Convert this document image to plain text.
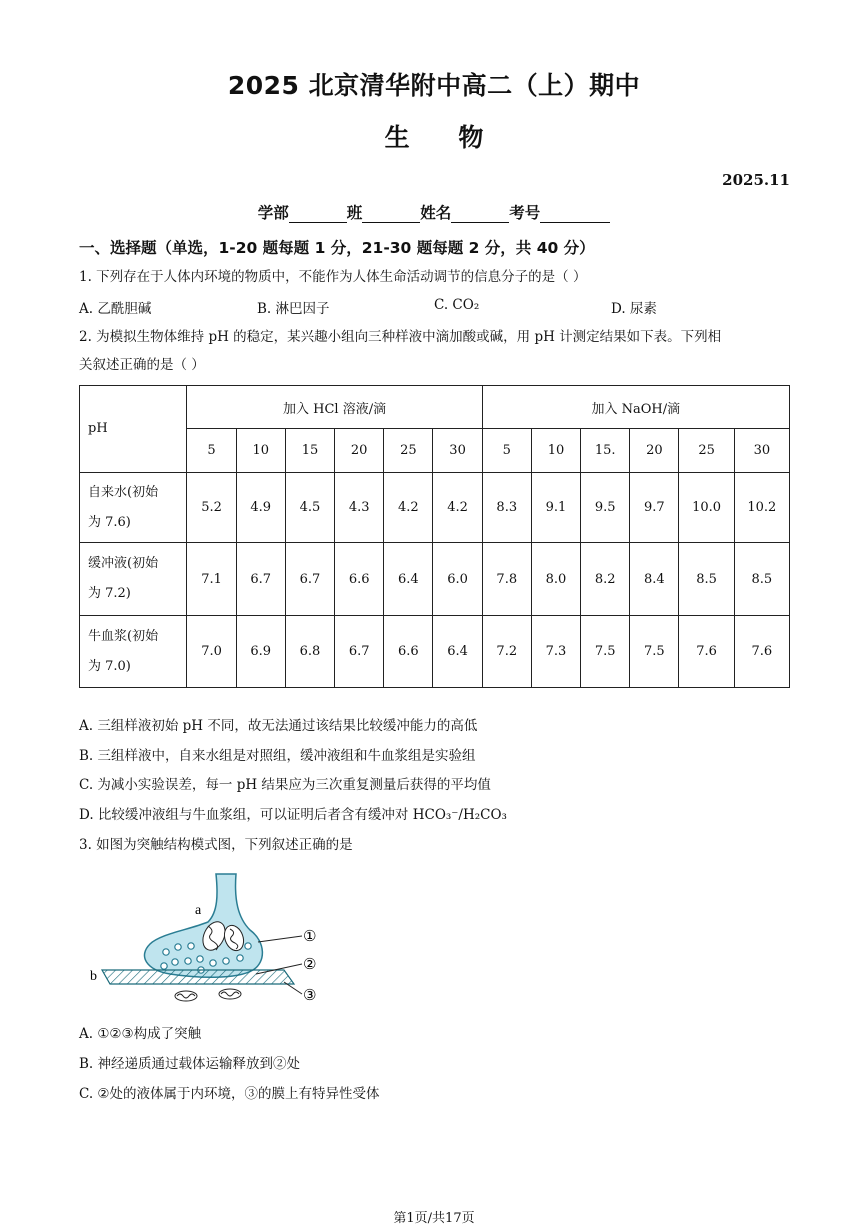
2025 北京清华附中高二（上）期中
生 物
2025.11
学部	班	姓名	考号
一、选择题（单选，1-20 题每题 1 分，21-30 题每题 2 分，共 40 分）
1. 下列存在于人体内环境的物质中，不能作为人体生命活动调节的信息分子的是（ ）
A. 乙酰胆碱	B. 淋巴因子	C. CO₂	D. 尿素
2. 为模拟生物体维持 pH 的稳定，某兴趣小组向三种样液中滴加酸或碱，用 pH 计测定结果如下表。下列相
关叙述正确的是（ ）
pH	加入 HCl 溶液/滴						加入 NaOH/滴					
	5	10	15	20	25	30	5	10	15.	20	25	30

自来水(初始
为 7.6)	5.2	4.9	4.5	4.3	4.2	4.2	8.3	9.1	9.5	9.7	10.0	10.2

缓冲液(初始
为 7.2)	7.1	6.7	6.7	6.6	6.4	6.0	7.8	8.0	8.2	8.4	8.5	8.5

牛血浆(初始
为 7.0)	7.0	6.9	6.8	6.7	6.6	6.4	7.2	7.3	7.5	7.5	7.6	7.6
A. 三组样液初始 pH 不同，故无法通过该结果比较缓冲能力的高低
B. 三组样液中，自来水组是对照组，缓冲液组和牛血浆组是实验组
C. 为减小实验误差，每一 pH 结果应为三次重复测量后获得的平均值
D. 比较缓冲液组与牛血浆组，可以证明后者含有缓冲对 HCO₃⁻/H₂CO₃
3. 如图为突触结构模式图，下列叙述正确的是
a
b
①
②
③
A. ①②③构成了突触
B. 神经递质通过载体运输释放到②处
C. ②处的液体属于内环境，③的膜上有特异性受体
第1页/共17页
